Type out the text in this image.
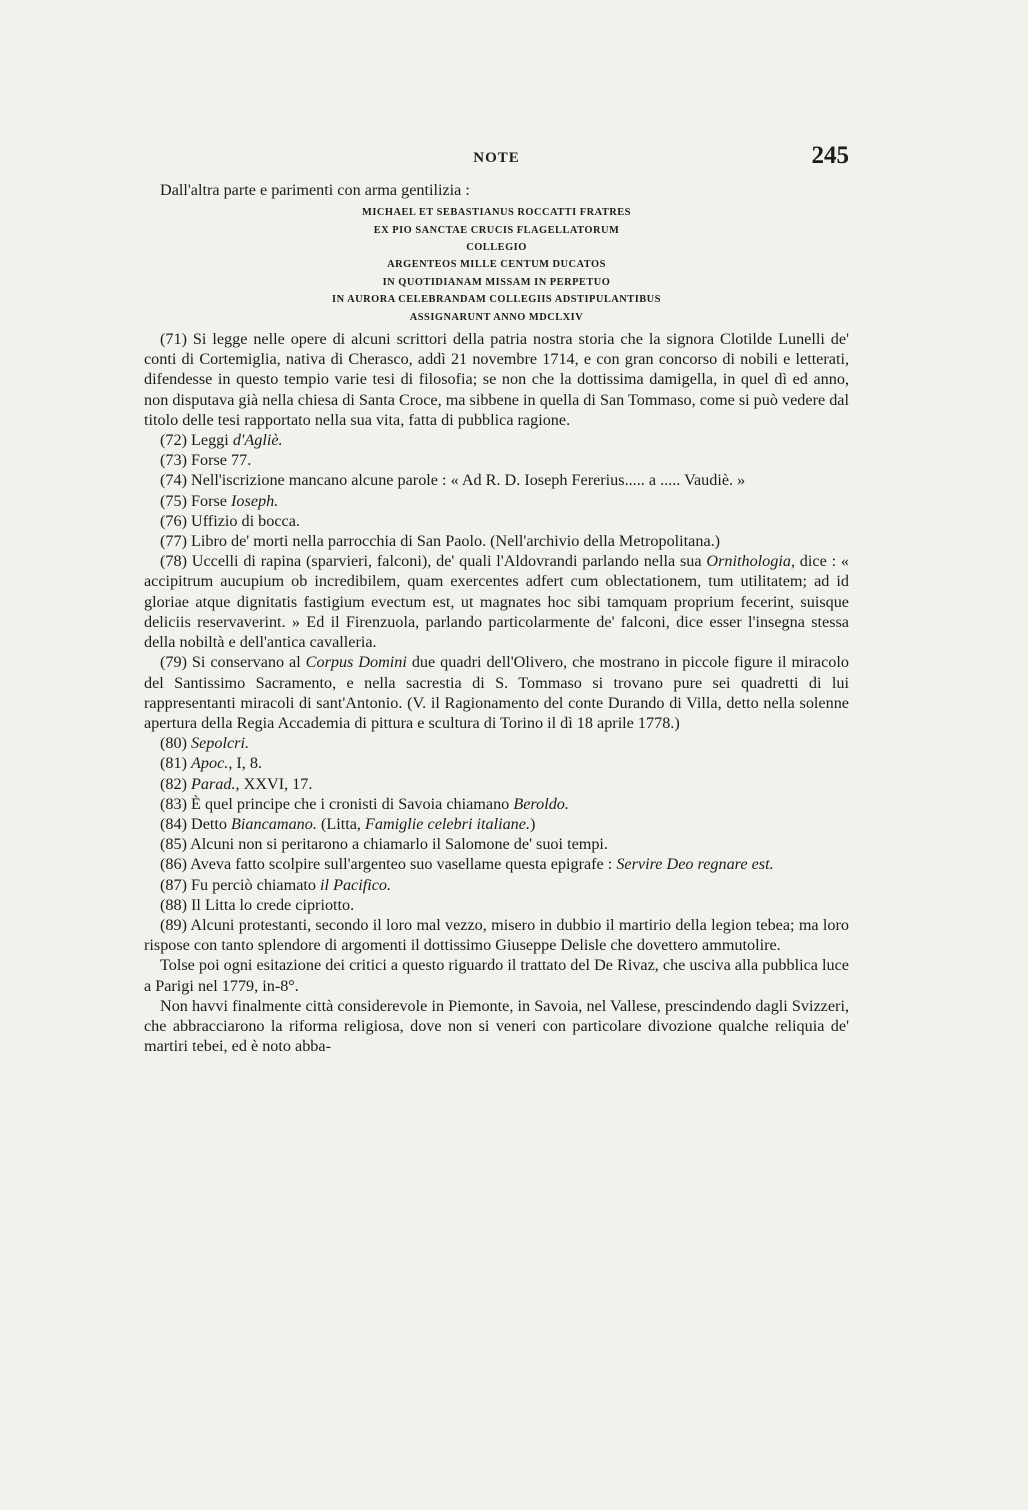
NOTE	245

Dall'altra parte e parimenti con arma gentilizia :

MICHAEL ET SEBASTIANUS ROCCATTI FRATRES
EX PIO SANCTAE CRUCIS FLAGELLATORUM
COLLEGIO
ARGENTEOS MILLE CENTUM DUCATOS
IN QUOTIDIANAM MISSAM IN PERPETUO
IN AURORA CELEBRANDAM COLLEGIIS ADSTIPULANTIBUS
ASSIGNARUNT ANNO MDCLXIV

(71) Si legge nelle opere di alcuni scrittori della patria nostra storia che la signora Clotilde Lunelli de' conti di Cortemiglia, nativa di Cherasco, addì 21 novembre 1714, e con gran concorso di nobili e letterati, difendesse in questo tempio varie tesi di filosofia; se non che la dottissima damigella, in quel dì ed anno, non disputava già nella chiesa di Santa Croce, ma sibbene in quella di San Tommaso, come si può vedere dal titolo delle tesi rapportato nella sua vita, fatta di pubblica ragione.

(72) Leggi d'Agliè.

(73) Forse 77.

(74) Nell'iscrizione mancano alcune parole : « Ad R. D. Ioseph Fererius..... a ..... Vaudiè. »

(75) Forse Ioseph.

(76) Uffizio di bocca.

(77) Libro de' morti nella parrocchia di San Paolo. (Nell'archivio della Metropolitana.)

(78) Uccelli di rapina (sparvieri, falconi), de' quali l'Aldovrandi parlando nella sua Ornithologia, dice : « accipitrum aucupium ob incredibilem, quam exercentes adfert cum oblectationem, tum utilitatem; ad id gloriae atque dignitatis fastigium evectum est, ut magnates hoc sibi tamquam proprium fecerint, suisque deliciis reservaverint. » Ed il Firenzuola, parlando particolarmente de' falconi, dice esser l'insegna stessa della nobiltà e dell'antica cavalleria.

(79) Si conservano al Corpus Domini due quadri dell'Olivero, che mostrano in piccole figure il miracolo del Santissimo Sacramento, e nella sacrestia di S. Tommaso si trovano pure sei quadretti di lui rappresentanti miracoli di sant'Antonio. (V. il Ragionamento del conte Durando di Villa, detto nella solenne apertura della Regia Accademia di pittura e scultura di Torino il dì 18 aprile 1778.)

(80) Sepolcri.

(81) Apoc., I, 8.

(82) Parad., XXVI, 17.

(83) È quel principe che i cronisti di Savoia chiamano Beroldo.

(84) Detto Biancamano. (Litta, Famiglie celebri italiane.)

(85) Alcuni non si peritarono a chiamarlo il Salomone de' suoi tempi.

(86) Aveva fatto scolpire sull'argenteo suo vasellame questa epigrafe : Servire Deo regnare est.

(87) Fu perciò chiamato il Pacifico.

(88) Il Litta lo crede cipriotto.

(89) Alcuni protestanti, secondo il loro mal vezzo, misero in dubbio il martirio della legion tebea; ma loro rispose con tanto splendore di argomenti il dottissimo Giuseppe Delisle che dovettero ammutolire.

Tolse poi ogni esitazione dei critici a questo riguardo il trattato del De Rivaz, che usciva alla pubblica luce a Parigi nel 1779, in-8°.

Non havvi finalmente città considerevole in Piemonte, in Savoia, nel Vallese, prescindendo dagli Svizzeri, che abbracciarono la riforma religiosa, dove non si veneri con particolare divozione qualche reliquia de' martiri tebei, ed è noto abba-
